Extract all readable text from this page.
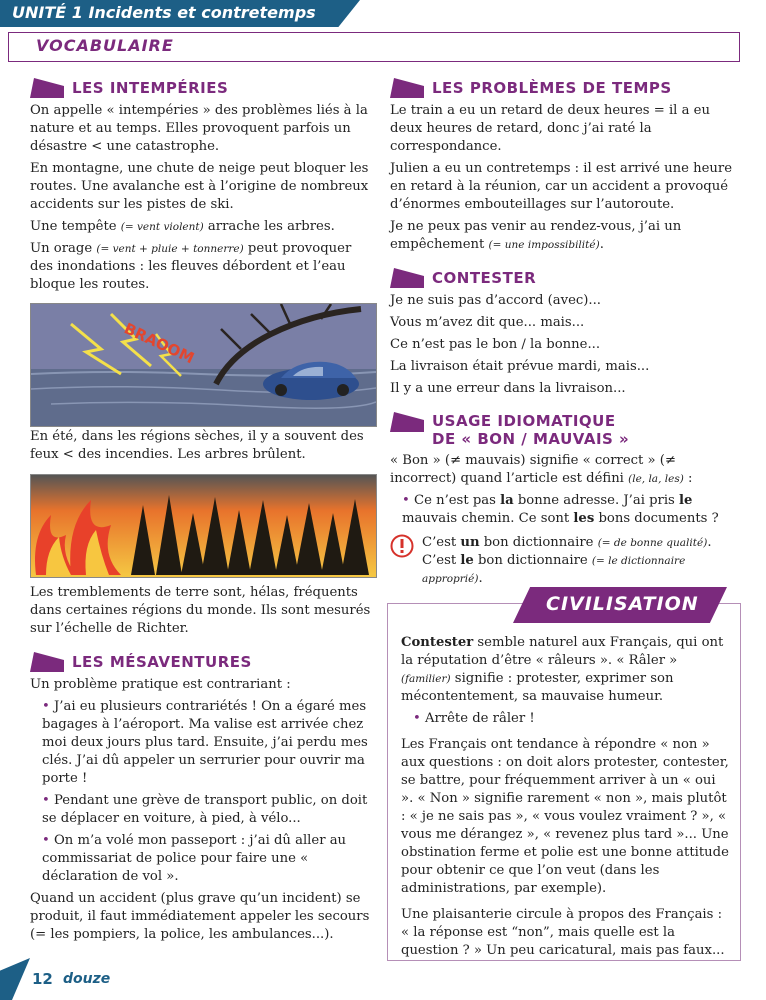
UNITÉ 1 Incidents et contretemps
VOCABULAIRE
LES INTEMPÉRIES

On appelle « intempéries » des problèmes liés à la nature et au temps. Elles provoquent parfois un désastre < une catastrophe.

En montagne, une chute de neige peut bloquer les routes. Une avalanche est à l’origine de nombreux accidents sur les pistes de ski.

Une tempête (= vent violent) arrache les arbres.

Un orage (= vent + pluie + tonnerre) peut provoquer des inondations : les fleuves débordent et l’eau bloque les routes.

BRAOOM

En été, dans les régions sèches, il y a souvent des feux < des incendies. Les arbres brûlent.

Les tremblements de terre sont, hélas, fréquents dans certaines régions du monde. Ils sont mesurés sur l’échelle de Richter.

LES MÉSAVENTURES

Un problème pratique est contrariant :

• J’ai eu plusieurs contrariétés ! On a égaré mes bagages à l’aéroport. Ma valise est arrivée chez moi deux jours plus tard. Ensuite, j’ai perdu mes clés. J’ai dû appeler un serrurier pour ouvrir ma porte !

• Pendant une grève de transport public, on doit se déplacer en voiture, à pied, à vélo...

• On m’a volé mon passeport : j’ai dû aller au commissariat de police pour faire une « déclaration de vol ».

Quand un accident (plus grave qu’un incident) se produit, il faut immédiatement appeler les secours (= les pompiers, la police, les ambulances...).

LES PROBLÈMES DE TEMPS

Le train a eu un retard de deux heures = il a eu deux heures de retard, donc j’ai raté la correspondance.

Julien a eu un contretemps : il est arrivé une heure en retard à la réunion, car un accident a provoqué d’énormes embouteillages sur l’autoroute.

Je ne peux pas venir au rendez-vous, j’ai un empêchement (= une impossibilité).

CONTESTER

Je ne suis pas d’accord (avec)...

Vous m’avez dit que... mais...

Ce n’est pas le bon / la bonne...

La livraison était prévue mardi, mais...

Il y a une erreur dans la livraison...

USAGE IDIOMATIQUE
DE « BON / MAUVAIS »

« Bon » (≠ mauvais) signifie « correct » (≠ incorrect) quand l’article est défini (le, la, les) :

• Ce n’est pas la bonne adresse. J’ai pris le mauvais chemin. Ce sont les bons documents ?

C’est un bon dictionnaire (= de bonne qualité).
C’est le bon dictionnaire (= le dictionnaire approprié).
CIVILISATION

Contester semble naturel aux Français, qui ont la réputation d’être « râleurs ». « Râler » (familier) signifie : protester, exprimer son mécontentement, sa mauvaise humeur.

• Arrête de râler !

Les Français ont tendance à répondre « non » aux questions : on doit alors protester, contester, se battre, pour fréquemment arriver à un « oui ». « Non » signifie rarement « non », mais plutôt : « je ne sais pas », « vous voulez vraiment ? », « vous me dérangez », « revenez plus tard »... Une obstination ferme et polie est une bonne attitude pour obtenir ce que l’on veut (dans les administrations, par exemple).

Une plaisanterie circule à propos des Français : « la réponse est “non”, mais quelle est la question ? » Un peu caricatural, mais pas faux...

12 douze
